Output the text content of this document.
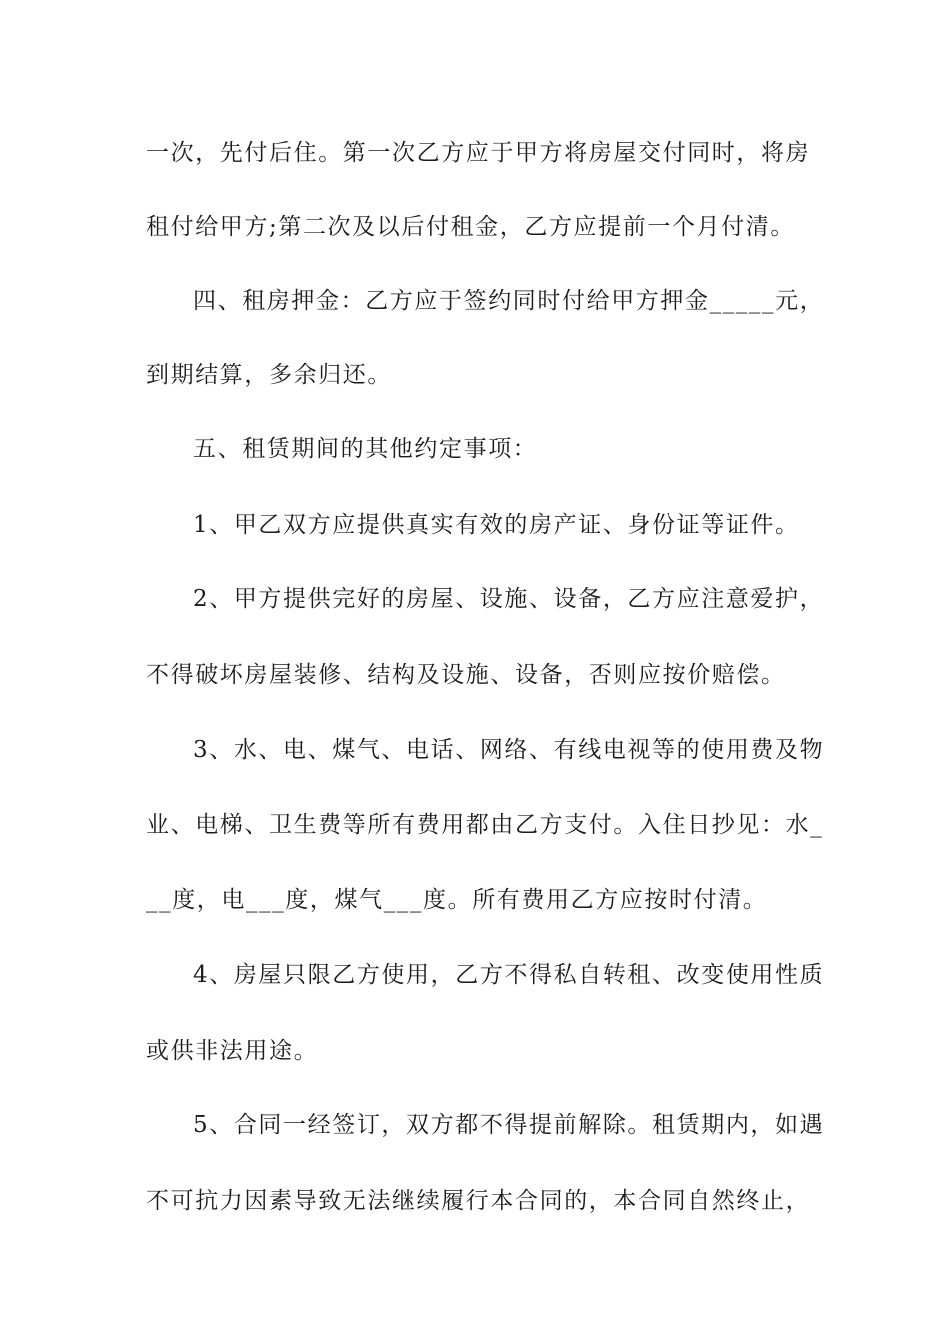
一次，先付后住。第一次乙方应于甲方将房屋交付同时，将房
租付给甲方;第二次及以后付租金，乙方应提前一个月付清。
四、租房押金：乙方应于签约同时付给甲方押金_____元，
到期结算，多余归还。
五、租赁期间的其他约定事项：
1、甲乙双方应提供真实有效的房产证、身份证等证件。
2、甲方提供完好的房屋、设施、设备，乙方应注意爱护，
不得破坏房屋装修、结构及设施、设备，否则应按价赔偿。
3、水、电、煤气、电话、网络、有线电视等的使用费及物
业、电梯、卫生费等所有费用都由乙方支付。入住日抄见：水_
__度，电___度，煤气___度。所有费用乙方应按时付清。
4、房屋只限乙方使用，乙方不得私自转租、改变使用性质
或供非法用途。
5、合同一经签订，双方都不得提前解除。租赁期内，如遇
不可抗力因素导致无法继续履行本合同的，本合同自然终止，
